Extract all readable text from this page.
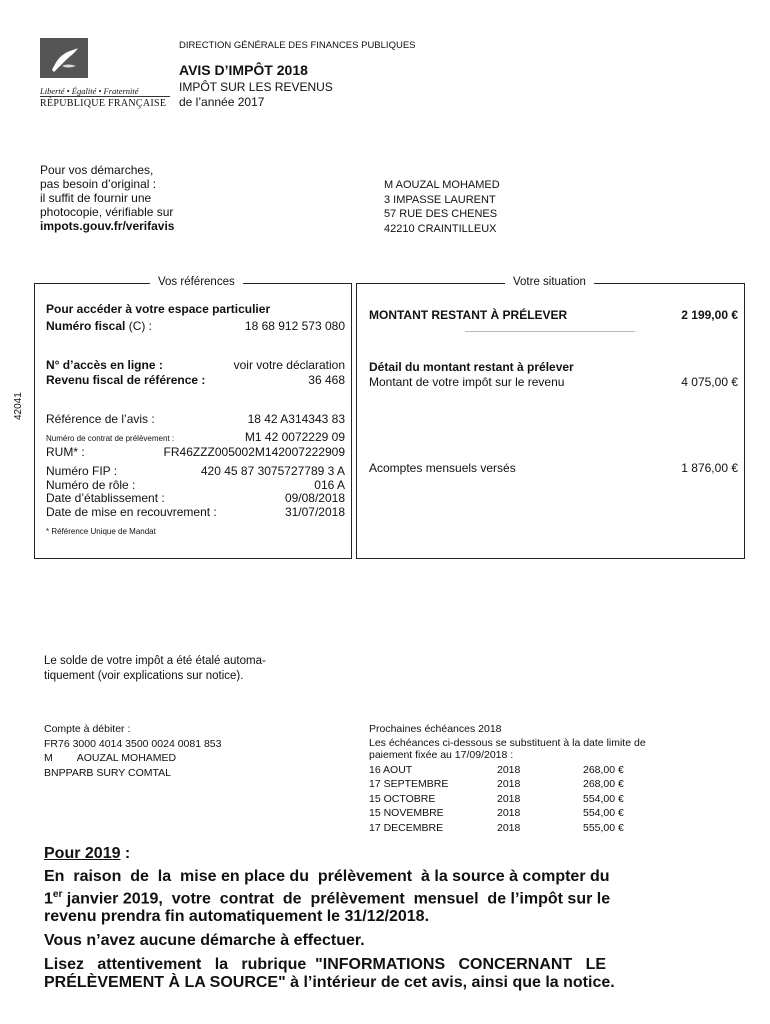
Liberté • Égalité • Fraternité
RÉPUBLIQUE FRANÇAISE
DIRECTION GÉNÉRALE DES FINANCES PUBLIQUES
AVIS D’IMPÔT 2018
IMPÔT SUR LES REVENUS
de l’année 2017
Pour vos démarches,
pas besoin d’original :
il suffit de fournir une
photocopie, vérifiable sur
impots.gouv.fr/verifavis
M AOUZAL MOHAMED
3 IMPASSE LAURENT
57 RUE DES CHENES
42210 CRAINTILLEUX
42041
Vos références
Pour accéder à votre espace particulier
Numéro fiscal (C) :	18 68 912 573 080
N° d’accès en ligne :	voir votre déclaration
Revenu fiscal de référence :	36 468
Référence de l’avis :	18 42 A314343 83
Numéro de contrat de prélèvement :	M1 42 0072229 09
RUM* :	FR46ZZZ005002M142007222909
Numéro FIP :	420 45 87 3075727789 3 A
Numéro de rôle :	016 A
Date d’établissement :	09/08/2018
Date de mise en recouvrement :	31/07/2018
* Référence Unique de Mandat
Votre situation
MONTANT RESTANT À PRÉLEVER	2 199,00 €
Détail du montant restant à prélever
Montant de votre impôt sur le revenu	4 075,00 €
Acomptes mensuels versés	1 876,00 €
Le solde de votre impôt a été étalé automa-
tiquement (voir explications sur notice).
Compte à débiter :
FR76 3000 4014 3500 0024 0081 853
M AOUZAL MOHAMED
BNPPARB SURY COMTAL
Prochaines échéances 2018
Les échéances ci-dessous se substituent à la date limite de
paiement fixée au 17/09/2018 :
16 AOUT	2018	268,00 €
17 SEPTEMBRE	2018	268,00 €
15 OCTOBRE	2018	554,00 €
15 NOVEMBRE	2018	554,00 €
17 DECEMBRE	2018	555,00 €
Pour 2019 :
En  raison  de  la  mise en place du  prélèvement  à la source à compter du
1er janvier 2019,  votre  contrat  de  prélèvement  mensuel  de l’impôt sur le
revenu prendra fin automatiquement le 31/12/2018.
Vous n’avez aucune démarche à effectuer.
Lisez   attentivement   la   rubrique  "INFORMATIONS   CONCERNANT   LE
PRÉLÈVEMENT À LA SOURCE" à l’intérieur de cet avis, ainsi que la notice.
